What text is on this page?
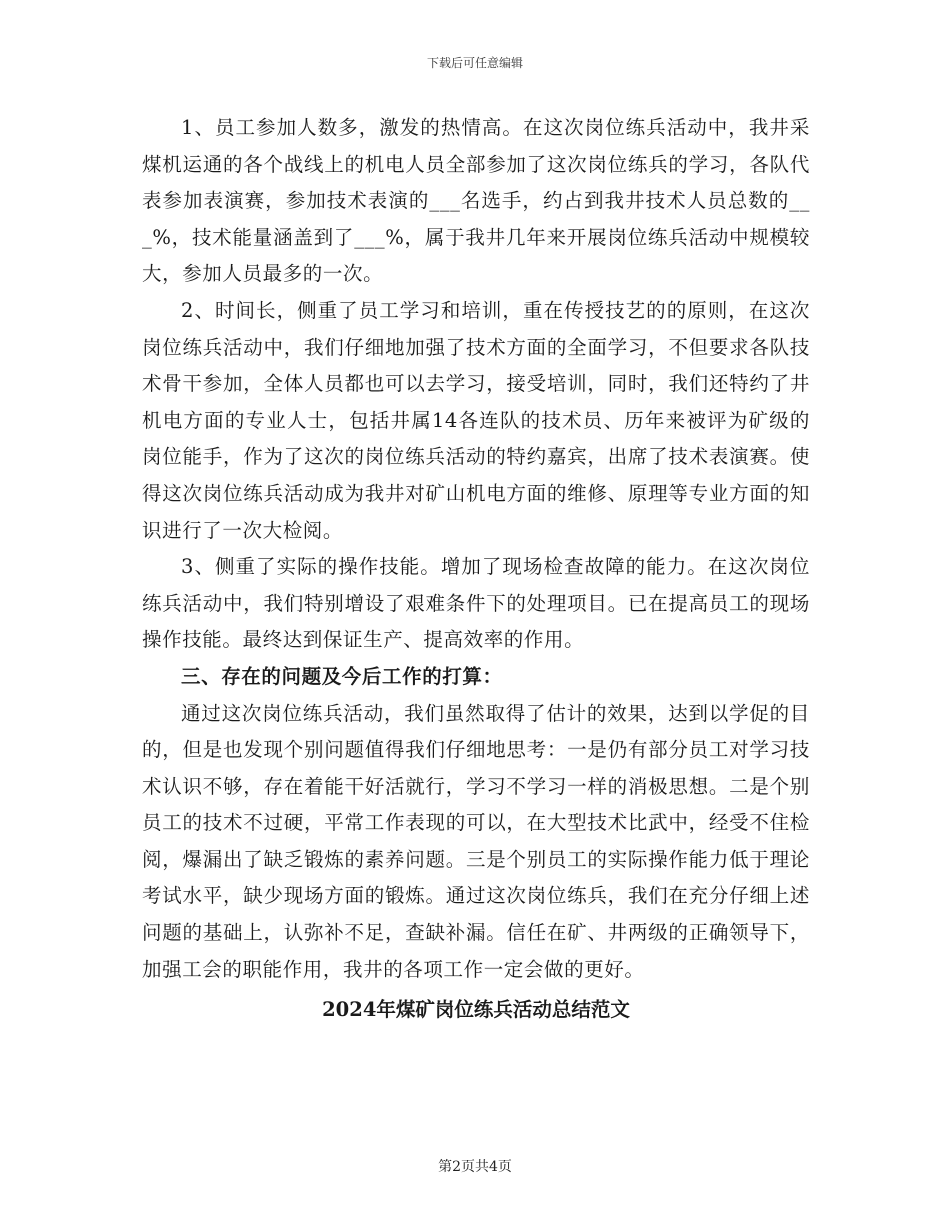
下载后可任意编辑

1、员工参加人数多，激发的热情高。在这次岗位练兵活动中，我井采煤机运通的各个战线上的机电人员全部参加了这次岗位练兵的学习，各队代表参加表演赛，参加技术表演的___名选手，约占到我井技术人员总数的___%，技术能量涵盖到了___%，属于我井几年来开展岗位练兵活动中规模较大，参加人员最多的一次。

2、时间长，侧重了员工学习和培训，重在传授技艺的的原则，在这次岗位练兵活动中，我们仔细地加强了技术方面的全面学习，不但要求各队技术骨干参加，全体人员都也可以去学习，接受培训，同时，我们还特约了井机电方面的专业人士，包括井属14各连队的技术员、历年来被评为矿级的岗位能手，作为了这次的岗位练兵活动的特约嘉宾，出席了技术表演赛。使得这次岗位练兵活动成为我井对矿山机电方面的维修、原理等专业方面的知识进行了一次大检阅。

3、侧重了实际的操作技能。增加了现场检查故障的能力。在这次岗位练兵活动中，我们特别增设了艰难条件下的处理项目。已在提高员工的现场操作技能。最终达到保证生产、提高效率的作用。

三、存在的问题及今后工作的打算：

通过这次岗位练兵活动，我们虽然取得了估计的效果，达到以学促的目的，但是也发现个别问题值得我们仔细地思考：一是仍有部分员工对学习技术认识不够，存在着能干好活就行，学习不学习一样的消极思想。二是个别员工的技术不过硬，平常工作表现的可以，在大型技术比武中，经受不住检阅，爆漏出了缺乏锻炼的素养问题。三是个别员工的实际操作能力低于理论考试水平，缺少现场方面的锻炼。通过这次岗位练兵，我们在充分仔细上述问题的基础上，认弥补不足，查缺补漏。信任在矿、井两级的正确领导下，加强工会的职能作用，我井的各项工作一定会做的更好。

2024年煤矿岗位练兵活动总结范文

第2页共4页
